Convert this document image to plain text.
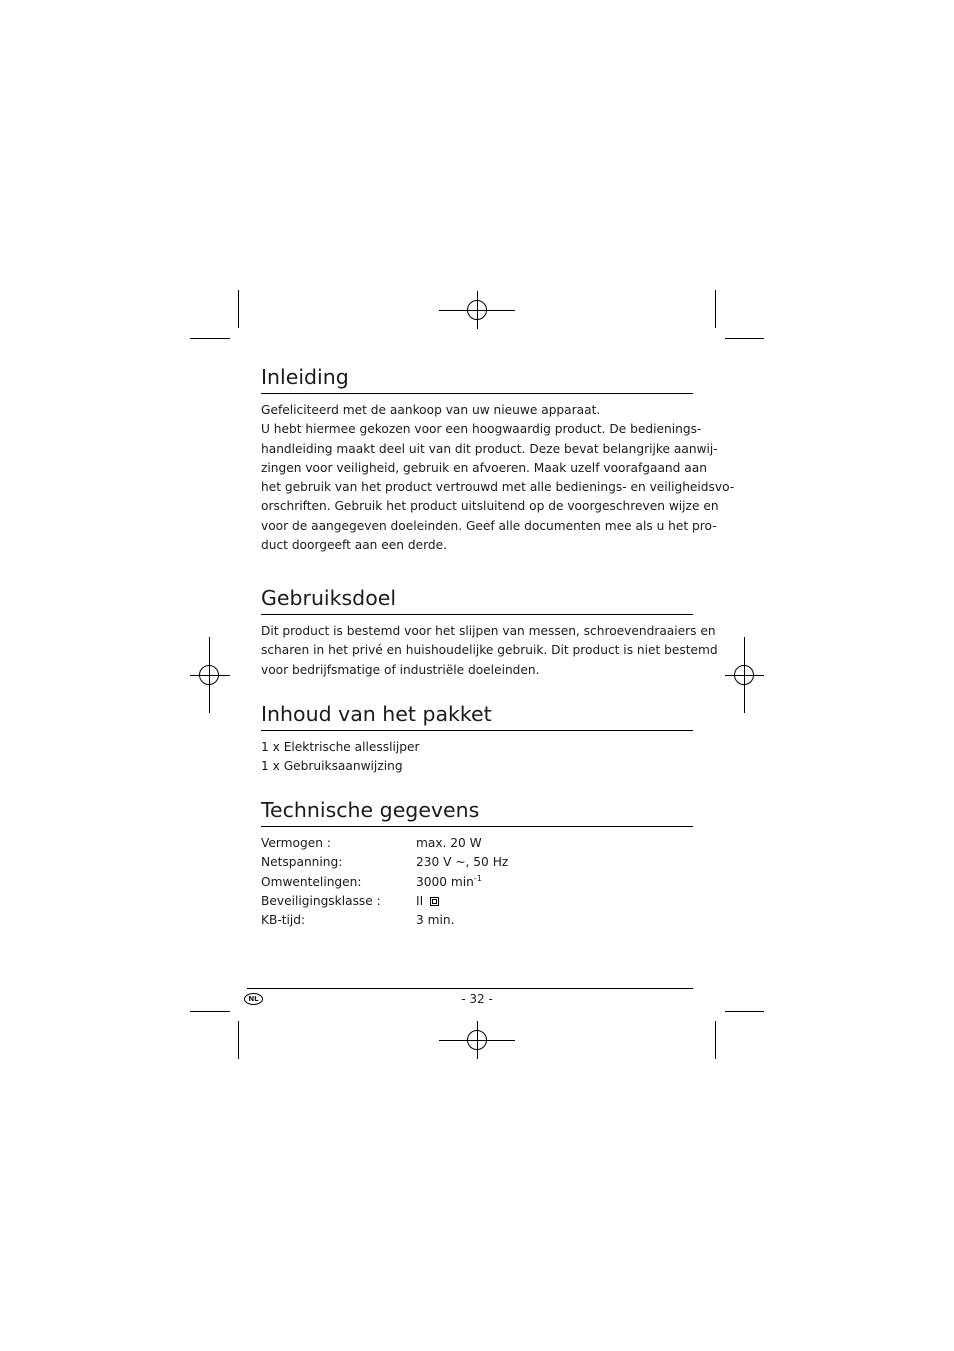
Inleiding

Gefeliciteerd met de aankoop van uw nieuwe apparaat.
U hebt hiermee gekozen voor een hoogwaardig product. De bedienings-
handleiding maakt deel uit van dit product. Deze bevat belangrijke aanwij-
zingen voor veiligheid, gebruik en afvoeren. Maak uzelf voorafgaand aan
het gebruik van het product vertrouwd met alle bedienings- en veiligheidsvo-
orschriften. Gebruik het product uitsluitend op de voorgeschreven wijze en
voor de aangegeven doeleinden. Geef alle documenten mee als u het pro-
duct doorgeeft aan een derde.

Gebruiksdoel

Dit product is bestemd voor het slijpen van messen, schroevendraaiers en
scharen in het privé en huishoudelijke gebruik. Dit product is niet bestemd
voor bedrijfsmatige of industriële doeleinden.

Inhoud van het pakket

1 x Elektrische allesslijper
1 x Gebruiksaanwijzing

Technische gegevens
Vermogen :	max. 20 W
Netspanning:	230 V ~, 50 Hz
Omwentelingen:	3000 $\min^{-1}$
Beveiligingsklasse :	II
KB-tijd:	3 min.
NL	- 32 -
